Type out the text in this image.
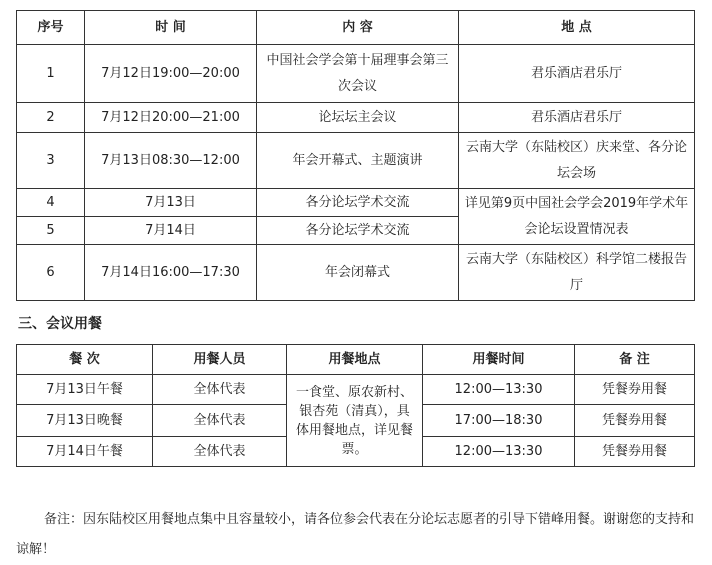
序号	时 间	内 容	地 点
1	7月12日19:00—20:00	中国社会学会第十届理事会第三次会议	君乐酒店君乐厅
2	7月12日20:00—21:00	论坛坛主会议	君乐酒店君乐厅
3	7月13日08:30—12:00	年会开幕式、主题演讲	云南大学（东陆校区）庆来堂、各分论坛会场
4	7月13日	各分论坛学术交流	详见第9页中国社会学会2019年学术年会论坛设置情况表
5	7月14日	各分论坛学术交流	
6	7月14日16:00—17:30	年会闭幕式	云南大学（东陆校区）科学馆二楼报告厅
三、会议用餐
餐 次	用餐人员	用餐地点	用餐时间	备 注
7月13日午餐	全体代表	一食堂、原农新村、银杏苑（清真），具体用餐地点，详见餐票。	12:00—13:30	凭餐券用餐
7月13日晚餐	全体代表		17:00—18:30	凭餐券用餐
7月14日午餐	全体代表		12:00—13:30	凭餐券用餐
备注：因东陆校区用餐地点集中且容量较小，请各位参会代表在分论坛志愿者的引导下错峰用餐。谢谢您的支持和谅解！
